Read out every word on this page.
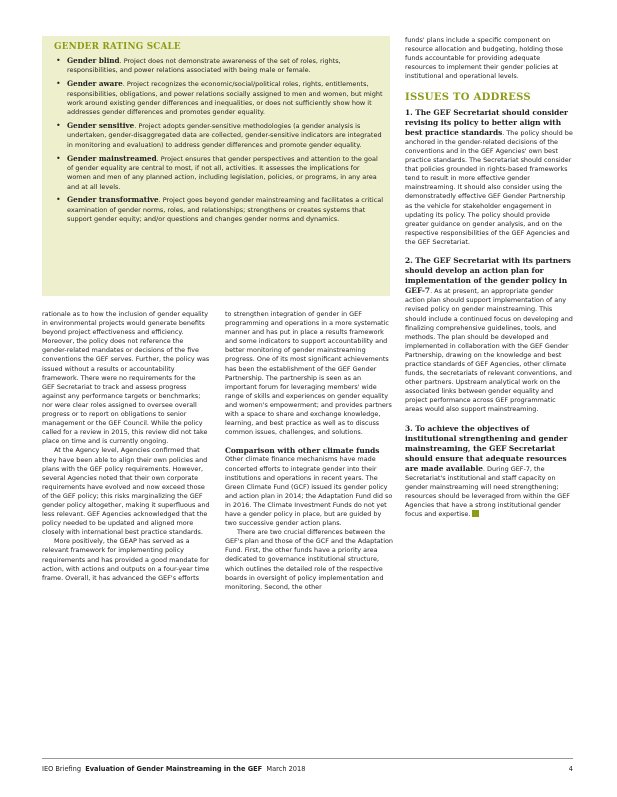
GENDER RATING SCALE
• Gender blind. Project does not demonstrate awareness of the set of roles, rights, responsibilities, and power relations associated with being male or female.
• Gender aware. Project recognizes the economic/social/political roles, rights, entitlements, responsibilities, obligations, and power relations socially assigned to men and women, but might work around existing gender differences and inequalities, or does not sufficiently show how it addresses gender differences and promotes gender equality.
• Gender sensitive. Project adopts gender-sensitive methodologies (a gender analysis is undertaken, gender-disaggregated data are collected, gender-sensitive indicators are integrated in monitoring and evaluation) to address gender differences and promote gender equality.
• Gender mainstreamed. Project ensures that gender perspectives and attention to the goal of gender equality are central to most, if not all, activities. It assesses the implications for women and men of any planned action, including legislation, policies, or programs, in any area and at all levels.
• Gender transformative. Project goes beyond gender mainstreaming and facilitates a critical examination of gender norms, roles, and relationships; strengthens or creates systems that support gender equity; and/or questions and changes gender norms and dynamics.

rationale as to how the inclusion of gender equality in environmental projects would generate benefits beyond project effectiveness and efficiency. Moreover, the policy does not reference the gender-related mandates or decisions of the five conventions the GEF serves. Further, the policy was issued without a results or accountability framework. There were no requirements for the GEF Secretariat to track and assess progress against any performance targets or benchmarks; nor were clear roles assigned to oversee overall progress or to report on obligations to senior management or the GEF Council. While the policy called for a review in 2015, this review did not take place on time and is currently ongoing.

At the Agency level, Agencies confirmed that they have been able to align their own policies and plans with the GEF policy requirements. However, several Agencies noted that their own corporate requirements have evolved and now exceed those of the GEF policy; this risks marginalizing the GEF gender policy altogether, making it superfluous and less relevant. GEF Agencies acknowledged that the policy needed to be updated and aligned more closely with international best practice standards.

More positively, the GEAP has served as a relevant framework for implementing policy requirements and has provided a good mandate for action, with actions and outputs on a four-year time frame. Overall, it has advanced the GEF's efforts

to strengthen integration of gender in GEF programming and operations in a more systematic manner and has put in place a results framework and some indicators to support accountability and better monitoring of gender mainstreaming progress. One of its most significant achievements has been the establishment of the GEF Gender Partnership. The partnership is seen as an important forum for leveraging members' wide range of skills and experiences on gender equality and women's empowerment; and provides partners with a space to share and exchange knowledge, learning, and best practice as well as to discuss common issues, challenges, and solutions.

Comparison with other climate funds

Other climate finance mechanisms have made concerted efforts to integrate gender into their institutions and operations in recent years. The Green Climate Fund (GCF) issued its gender policy and action plan in 2014; the Adaptation Fund did so in 2016. The Climate Investment Funds do not yet have a gender policy in place, but are guided by two successive gender action plans.

There are two crucial differences between the GEF's plan and those of the GCF and the Adaptation Fund. First, the other funds have a priority area dedicated to governance institutional structure, which outlines the detailed role of the respective boards in oversight of policy implementation and monitoring. Second, the other

funds' plans include a specific component on resource allocation and budgeting, holding those funds accountable for providing adequate resources to implement their gender policies at institutional and operational levels.

ISSUES TO ADDRESS

1. The GEF Secretariat should consider revising its policy to better align with best practice standards. The policy should be anchored in the gender-related decisions of the conventions and in the GEF Agencies' own best practice standards. The Secretariat should consider that policies grounded in rights-based frameworks tend to result in more effective gender mainstreaming. It should also consider using the demonstratedly effective GEF Gender Partnership as the vehicle for stakeholder engagement in updating its policy. The policy should provide greater guidance on gender analysis, and on the respective responsibilities of the GEF Agencies and the GEF Secretariat.

2. The GEF Secretariat with its partners should develop an action plan for implementation of the gender policy in GEF-7. As at present, an appropriate gender action plan should support implementation of any revised policy on gender mainstreaming. This should include a continued focus on developing and finalizing comprehensive guidelines, tools, and methods. The plan should be developed and implemented in collaboration with the GEF Gender Partnership, drawing on the knowledge and best practice standards of GEF Agencies, other climate funds, the secretariats of relevant conventions, and other partners. Upstream analytical work on the associated links between gender equality and project performance across GEF programmatic areas would also support mainstreaming.

3. To achieve the objectives of institutional strengthening and gender mainstreaming, the GEF Secretariat should ensure that adequate resources are made available. During GEF-7, the Secretariat's institutional and staff capacity on gender mainstreaming will need strengthening; resources should be leveraged from within the GEF Agencies that have a strong institutional gender focus and expertise.

IEO Briefing Evaluation of Gender Mainstreaming in the GEF March 2018	4
